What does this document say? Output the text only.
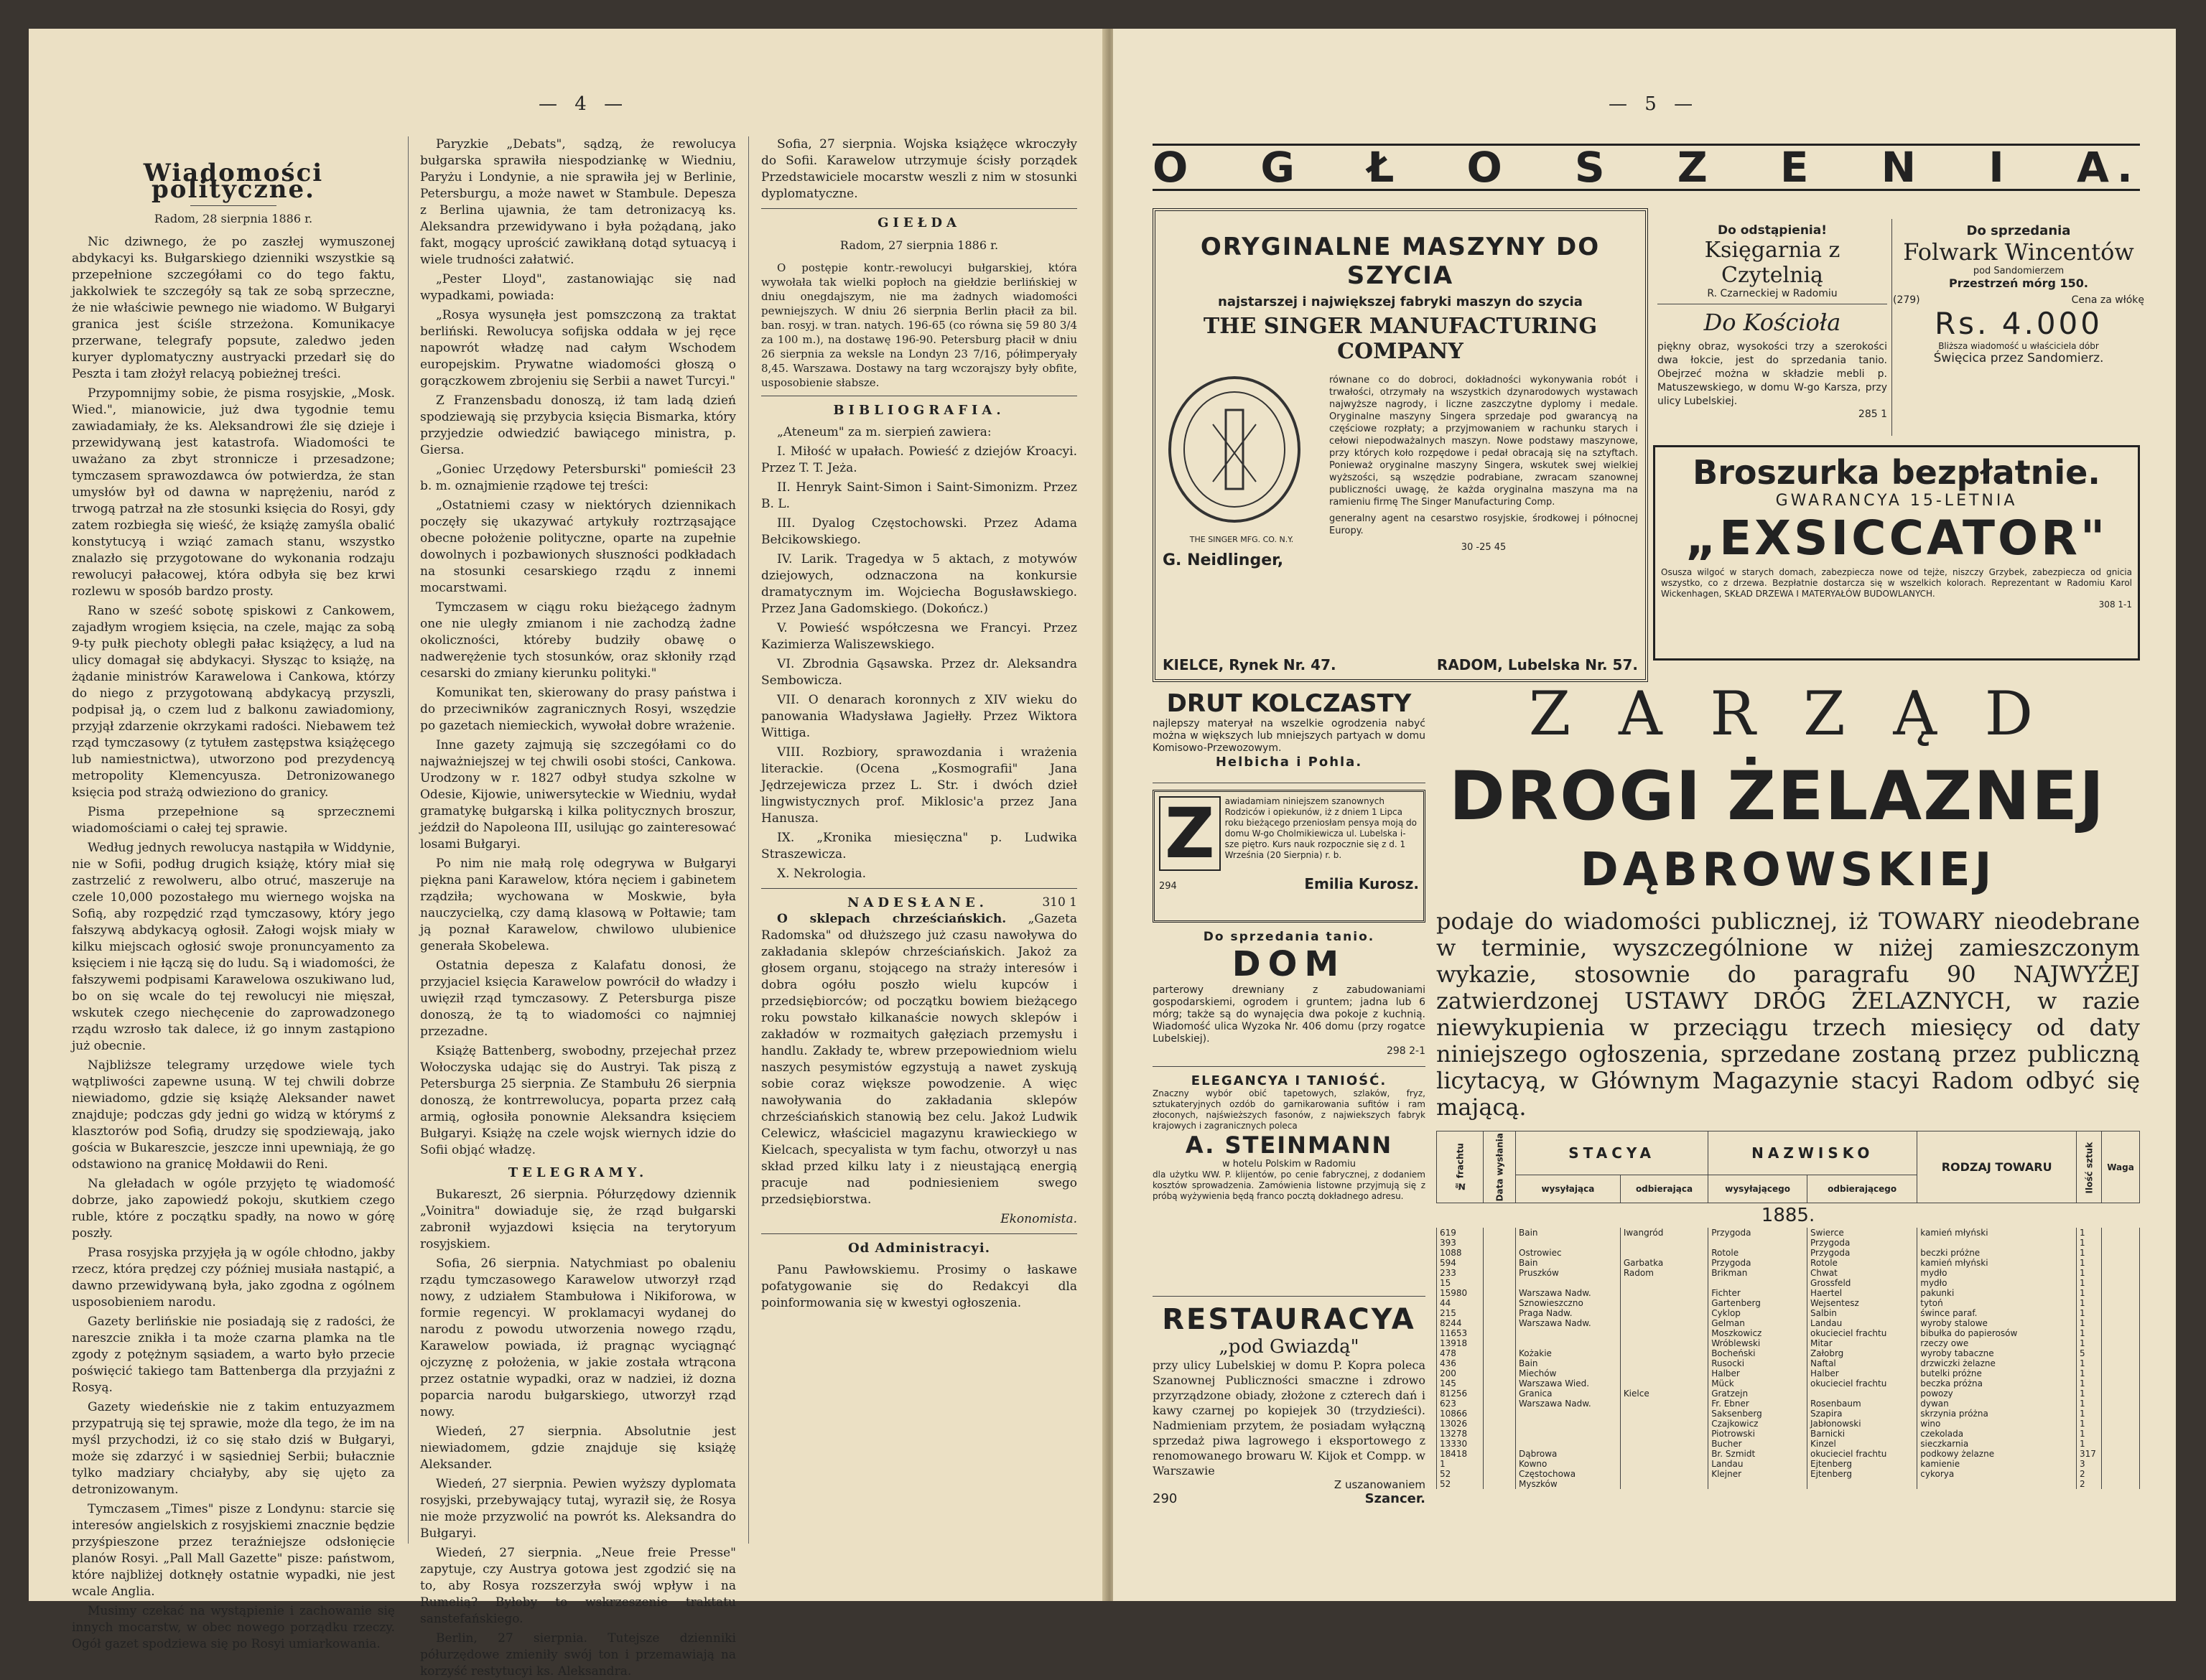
— 4 —
Wiadomości polityczne.
Radom, 28 sierpnia 1886 r.

Nic dziwnego, że po zaszłej wymuszonej abdykacyi ks. Bułgarskiego dzienniki wszystkie są przepełnione szczegółami co do tego faktu, jakkolwiek te szczegóły są tak ze sobą sprzeczne, że nie właściwie pewnego nie wiadomo. W Bułgaryi granica jest ściśle strzeżona. Komunikacye przerwane, telegrafy popsute, zaledwo jeden kuryer dyplomatyczny austryacki przedarł się do Peszta i tam złożył relacyą pobieżnej treści.

Przypomnijmy sobie, że pisma rosyjskie, „Mosk. Wied.", mianowicie, już dwa tygodnie temu zawiadamiały, że ks. Aleksandrowi źle się dzieje i przewidywaną jest katastrofa. Wiadomości te uważano za zbyt stronnicze i przesadzone; tymczasem sprawozdawca ów potwierdza, że stan umysłów był od dawna w naprężeniu, naród z trwogą patrzał na złe stosunki księcia do Rosyi, gdy zatem rozbiegła się wieść, że książę zamyśla obalić konstytucyą i wziąć zamach stanu, wszystko znalazło się przygotowane do wykonania rodzaju rewolucyi pałacowej, która odbyła się bez krwi rozlewu w sposób bardzo prosty.

Rano w sześć sobotę spiskowi z Cankowem, zajadłym wrogiem księcia, na czele, mając za sobą 9-ty pułk piechoty obległi pałac książęcy, a lud na ulicy domagał się abdykacyi. Słysząc to książę, na żądanie ministrów Karawelowa i Cankowa, którzy do niego z przygotowaną abdykacyą przyszli, podpisał ją, o czem lud z balkonu zawiadomiony, przyjął zdarzenie okrzykami radości. Niebawem też rząd tymczasowy (z tytułem zastępstwa książęcego lub namiestnictwa), utworzono pod prezydencyą metropolity Klemencyusza. Detronizowanego księcia pod strażą odwieziono do granicy.

Pisma przepełnione są sprzecznemi wiadomościami o całej tej sprawie.

Według jednych rewolucya nastąpiła w Widdynie, nie w Sofii, podług drugich książę, który miał się zastrzelić z rewolweru, albo otruć, maszeruje na czele 10,000 pozostałego mu wiernego wojska na Sofią, aby rozpędzić rząd tymczasowy, który jego fałszywą abdykacyą ogłosił. Załogi wojsk miały w kilku miejscach ogłosić swoje pronuncyamento za księciem i nie łączą się do ludu. Są i wiadomości, że fałszywemi podpisami Karawelowa oszukiwano lud, bo on się wcale do tej rewolucyi nie mięszał, wskutek czego niechęcenie do zaprowadzonego rządu wzrosło tak dalece, iż go innym zastąpiono już obecnie.

Najbliższe telegramy urzędowe wiele tych wątpliwości zapewne usuną. W tej chwili dobrze niewiadomo, gdzie się książę Aleksander nawet znajduje; podczas gdy jedni go widzą w którymś z klasztorów pod Sofią, drudzy się spodziewają, jako gościa w Bukareszcie, jeszcze inni upewniają, że go odstawiono na granicę Mołdawii do Reni.

Na gleładach w ogóle przyjęto tę wiadomość dobrze, jako zapowiedź pokoju, skutkiem czego ruble, które z początku spadły, na nowo w górę poszły.

Prasa rosyjska przyjęła ją w ogóle chłodno, jakby rzecz, która prędzej czy później musiała nastąpić, a dawno przewidywaną była, jako zgodna z ogólnem usposobieniem narodu.

Gazety berlińskie nie posiadają się z radości, że nareszcie znikła i ta może czarna plamka na tle zgody z potężnym sąsiadem, a warto było przecie poświęcić takiego tam Battenberga dla przyjaźni z Rosyą.

Gazety wiedeńskie nie z takim entuzyazmem przypatrują się tej sprawie, może dla tego, że im na myśl przychodzi, iż co się stało dziś w Bułgaryi, może się zdarzyć i w sąsiedniej Serbii; bułacznie tylko madziary chciałyby, aby się ujęto za detronizowanym.

Tymczasem „Times" pisze z Londynu: starcie się interesów angielskich z rosyjskiemi znacznie będzie przyśpieszone przez teraźniejsze odsłonięcie planów Rosyi. „Pall Mall Gazette" pisze: państwom, które najbliżej dotknęły ostatnie wypadki, nie jest wcale Anglia.

Musimy czekać na wystąpienie i zachowanie się innych mocarstw, w obec nowego porządku rzeczy. Ogół gazet spodziewa się po Rosyi umiarkowania.

Paryzkie „Debats", sądzą, że rewolucya bułgarska sprawiła niespodziankę w Wiedniu, Paryżu i Londynie, a nie sprawiła jej w Berlinie, Petersburgu, a może nawet w Stambule. Depesza z Berlina ujawnia, że tam detronizacyą ks. Aleksandra przewidywano i była pożądaną, jako fakt, mogący uprościć zawikłaną dotąd sytuacyą i wiele trudności załatwić.

„Pester Lloyd", zastanowiając się nad wypadkami, powiada:

„Rosya wysunęła jest pomszczoną za traktat berliński. Rewolucya sofijska oddała w jej ręce napowrót władzę nad całym Wschodem europejskim. Prywatne wiadomości głoszą o gorączkowem zbrojeniu się Serbii a nawet Turcyi."

Z Franzensbadu donoszą, iż tam ladą dzień spodziewają się przybycia księcia Bismarka, który przyjedzie odwiedzić bawiącego ministra, p. Giersa.

„Goniec Urzędowy Petersburski" pomieścił 23 b. m. oznajmienie rządowe tej treści:

„Ostatniemi czasy w niektórych dziennikach poczęły się ukazywać artykuły roztrząsające obecne położenie polityczne, oparte na zupełnie dowolnych i pozbawionych słuszności podkładach na stosunki cesarskiego rządu z innemi mocarstwami.

Tymczasem w ciągu roku bieżącego żadnym one nie uległy zmianom i nie zachodzą żadne okoliczności, któreby budziły obawę o nadwerężenie tych stosunków, oraz skłoniły rząd cesarski do zmiany kierunku polityki."

Komunikat ten, skierowany do prasy państwa i do przeciwników zagranicznych Rosyi, wszędzie po gazetach niemieckich, wywołał dobre wrażenie.

Inne gazety zajmują się szczegółami co do najważniejszej w tej chwili osobi stości, Cankowa. Urodzony w r. 1827 odbył studya szkolne w Odesie, Kijowie, uniwersyteckie w Wiedniu, wydał gramatykę bułgarską i kilka politycznych broszur, jeździł do Napoleona III, usilując go zainteresować losami Bułgaryi.

Po nim nie małą rolę odegrywa w Bułgaryi piękna pani Karawelow, która nęciem i gabinetem rządziła; wychowana w Moskwie, była nauczycielką, czy damą klasową w Połtawie; tam ją poznał Karawelow, chwilowo ulubienice generała Skobelewa.

Ostatnia depesza z Kalafatu donosi, że przyjaciel księcia Karawelow powrócił do władzy i uwięził rząd tymczasowy. Z Petersburga pisze donoszą, że tą to wiadomości co najmniej przezadne.

Książę Battenberg, swobodny, przejechał przez Wołoczyska udając się do Austryi. Tak piszą z Petersburga 25 sierpnia. Ze Stambułu 26 sierpnia donoszą, że kontrrewolucya, poparta przez całą armią, ogłosiła ponownie Aleksandra księciem Bułgaryi. Książę na czele wojsk wiernych idzie do Sofii objąć władzę.

TELEGRAMY.

Bukareszt, 26 sierpnia. Półurzędowy dziennik „Voinitra" dowiaduje się, że rząd bułgarski zabronił wyjazdowi księcia na terytoryum rosyjskiem.

Sofia, 26 sierpnia. Natychmiast po obaleniu rządu tymczasowego Karawelow utworzył rząd nowy, z udziałem Stambułowa i Nikiforowa, w formie regencyi. W proklamacyi wydanej do narodu z powodu utworzenia nowego rządu, Karawelow powiada, iż pragnąc wyciągnąć ojczyznę z położenia, w jakie została wtrącona przez ostatnie wypadki, oraz w nadziei, iż dozna poparcia narodu bułgarskiego, utworzył rząd nowy.

Wiedeń, 27 sierpnia. Absolutnie jest niewiadomem, gdzie znajduje się książę Aleksander.

Wiedeń, 27 sierpnia. Pewien wyższy dyplomata rosyjski, przebywający tutaj, wyraził się, że Rosya nie może przyzwolić na powrót ks. Aleksandra do Bułgaryi.

Wiedeń, 27 sierpnia. „Neue freie Presse" zapytuje, czy Austrya gotowa jest zgodzić się na to, aby Rosya rozszerzyła swój wpływ i na Rumelią? Byłoby to wskrzeszenie traktatu sanstefańskiego.

Berlin, 27 sierpnia. Tutejsze dzienniki półurzędowe zmieniły swój ton i przemawiają na korzyść restytucyi ks. Aleksandra.

Sofia, 27 sierpnia. Wojska książęce wkroczyły do Sofii. Karawelow utrzymuje ścisły porządek Przedstawiciele mocarstw weszli z nim w stosunki dyplomatyczne.

GIEŁDA
Radom, 27 sierpnia 1886 r.

O postępie kontr.-rewolucyi bułgarskiej, która wywołała tak wielki popłoch na giełdzie berlińskiej w dniu onegdajszym, nie ma żadnych wiadomości pewniejszych. W dniu 26 sierpnia Berlin płacił za bil. ban. rosyj. w tran. natych. 196-65 (co równa się 59 80 3/4 za 100 m.), na dostawę 196-90. Petersburg płacił w dniu 26 sierpnia za weksle na Londyn 23 7/16, półimperyały 8,45. Warszawa. Dostawy na targ wczorajszy były obfite, usposobienie słabsze.

BIBLIOGRAFIA.

„Ateneum" za m. sierpień zawiera:

I. Miłość w upałach. Powieść z dziejów Kroacyi. Przez T. T. Jeża.

II. Henryk Saint-Simon i Saint-Simonizm. Przez B. L.

III. Dyalog Częstochowski. Przez Adama Bełcikowskiego.

IV. Larik. Tragedya w 5 aktach, z motywów dziejowych, odznaczona na konkursie dramatycznym im. Wojciecha Bogusławskiego. Przez Jana Gadomskiego. (Dokończ.)

V. Powieść współczesna we Francyi. Przez Kazimierza Waliszewskiego.

VI. Zbrodnia Gąsawska. Przez dr. Aleksandra Sembowicza.

VII. O denarach koronnych z XIV wieku do panowania Władysława Jagiełły. Przez Wiktora Wittiga.

VIII. Rozbiory, sprawozdania i wrażenia literackie. (Ocena „Kosmografii" Jana Jędrzejewicza przez L. Str. i dwóch dzieł lingwistycznych prof. Miklosic'a przez Jana Hanusza.

IX. „Kronika miesięczna" p. Ludwika Straszewicza.

X. Nekrologia.

NADESŁANE.	310 1

O sklepach chrześciańskich. „Gazeta Radomska" od dłuższego już czasu nawoływa do zakładania sklepów chrześciańskich. Jakoż za głosem organu, stojącego na straży interesów i dobra ogółu poszło wielu kupców i przedsiębiorców; od początku bowiem bieżącego roku powstało kilkanaście nowych sklepów i zakładów w rozmaitych gałęziach przemysłu i handlu. Zakłady te, wbrew przepowiedniom wielu naszych pesymistów egzystują a nawet zyskują sobie coraz większe powodzenie. A więc nawoływania do zakładania sklepów chrześciańskich stanowią bez celu. Jakoż Ludwik Celewicz, właściciel magazynu krawieckiego w Kielcach, specyalista w tym fachu, otworzył u nas skład przed kilku laty i z nieustającą energią pracuje nad podniesieniem swego przedsiębiorstwa.

Ekonomista.

Od Administracyi.

Panu Pawłowskiemu. Prosimy o łaskawe pofatygowanie się do Redakcyi dla poinformowania się w kwestyi ogłoszenia.

— 5 —
O G Ł O S Z E N I A.
ORYGINALNE MASZYNY DO SZYCIA
najstarszej i największej fabryki maszyn do szycia
THE SINGER MANUFACTURING COMPANY
THE SINGER MFG. CO. N.Y.
G. Neidlinger,
równane co do dobroci, dokładności wykonywania robót i trwałości, otrzymały na wszystkich dzynarodowych wystawach najwyższe nagrody, i liczne zaszczytne dyplomy i medale. Oryginalne maszyny Singera sprzedaje pod gwarancyą na częściowe rozpłaty; a przyjmowaniem w rachunku starych i cełowi niepodważalnych maszyn. Nowe podstawy maszynowe, przy których koło rozpędowe i pedał obracają się na sztyftach. Ponieważ oryginalne maszyny Singera, wskutek swej wielkiej wyższości, są wszędzie podrabiane, zwracam szanownej publiczności uwagę, że każda oryginalna maszyna ma na ramieniu firmę The Singer Manufacturing Comp.
generalny agent na cesarstwo rosyjskie, środkowej i północnej Europy.
30 -25 45
KIELCE, Rynek Nr. 47.	RADOM, Lubelska Nr. 57.
Do odstąpienia!
Księgarnia z Czytelnią
R. Czarneckiej w Radomiu
Do Kościoła
piękny obraz, wysokości trzy a szerokości dwa łokcie, jest do sprzedania tanio. Obejrzeć można w składzie mebli p. Matuszewskiego, w domu W-go Karsza, przy ulicy Lubelskiej.
285 1
Do sprzedania
Folwark Wincentów
pod Sandomierzem
Przestrzeń mórg 150.
(279)	Cena za włókę
Rs. 4.000
Bliższa wiadomość u właściciela dóbr
Święcica przez Sandomierz.
Broszurka bezpłatnie.
GWARANCYA 15-LETNIA
„EXSICCATOR"
Osusza wilgoć w starych domach, zabezpiecza nowe od tejże, niszczy Grzybek, zabezpiecza od gnicia wszystko, co z drzewa. Bezpłatnie dostarcza się w wszelkich kolorach. Reprezentant w Radomiu Karol Wickenhagen, SKŁAD DRZEWA I MATERYAŁÓW BUDOWLANYCH.
308 1-1
DRUT KOLCZASTY
najlepszy materyał na wszelkie ogrodzenia nabyć można w większych lub mniejszych partyach w domu Komisowo-Przewozowym.
Helbicha i Pohla.
Z	awiadamiam niniejszem szanownych Rodziców i opiekunów, iż z dniem 1 Lipca roku bieżącego przeniosłam pensya moją do domu W-go Cholmikiewicza ul. Lubelska i-sze piętro. Kurs nauk rozpocznie się z d. 1 Września (20 Sierpnia) r. b.
294	Emilia Kurosz.
Do sprzedania tanio.
DOM
parterowy drewniany z zabudowaniami gospodarskiemi, ogrodem i gruntem; jadna lub 6 mórg; także są do wynajęcia dwa pokoje z kuchnią. Wiadomość ulica Wyzoka Nr. 406 domu (przy rogatce Lubelskiej).
298 2-1
ELEGANCYA I TANIOŚĆ.
Znaczny wybór obić tapetowych, szlaków, fryz, sztukateryjnych ozdób do garnikarowania sufitów i ram złoconych, najświeższych fasonów, z najwiekszych fabryk krajowych i zagranicznych poleca
A. STEINMANN
w hotelu Polskim w Radomiu
dla użytku WW. P. klijentów, po cenie fabrycznej, z dodaniem kosztów sprowadzenia. Zamówienia listowne przyjmują się z próbą wyżywienia będą franco pocztą dokładnego adresu.
RESTAURACYA
„pod Gwiazdą"
przy ulicy Lubelskiej w domu P. Kopra poleca Szanownej Publiczności smaczne i zdrowo przyrządzone obiady, złożone z czterech dań i kawy czarnej po kopiejek 30 (trzydzieści). Nadmieniam przytem, że posiadam wyłączną sprzedaż piwa lagrowego i eksportowego z renomowanego browaru W. Kijok et Compp. w Warszawie
Z uszanowaniem
290	Szancer.
Z A R Z Ą D
DROGI ŻELAZNEJ
DĄBROWSKIEJ
podaje do wiadomości publicznej, iż TOWARY nieodebrane w terminie, wyszczególnione w niżej zamieszczonym wykazie, stosownie do paragrafu 90 NAJWYŻEJ zatwierdzonej USTAWY DRÓG ŻELAZNYCH, w razie niewykupienia w przeciągu trzech miesięcy od daty niniejszego ogłoszenia, sprzedane zostaną przez publiczną licytacyą, w Głównym Magazynie stacyi Radom odbyć się mającą.
№ frachtu	Data wysłania	STACYA		NAZWISKO		RODZAJ TOWARU	Ilość sztuk	Waga
		wysyłająca	odbierająca	wysyłającego	odbierającego			
1885.								
619		Bain	Iwangród	Przygoda	Swierce	kamień młyński	1	
393					Przygoda		1	
1088		Ostrowiec		Rotole	Przygoda	beczki próżne	1	
594		Bain	Garbatka	Przygoda	Rotole	kamień młyński	1	
233		Pruszków	Radom	Brikman	Chwat	mydło	1	
15					Grossfeld	mydło	1	
15980		Warszawa Nadw.		Fichter	Haertel	pakunki	1	
44		Sznowieszczno		Gartenberg	Wejsentesz	tytoń	1	
215		Praga Nadw.		Cyklop	Salbin	śwince paraf.	1	
8244		Warszawa Nadw.		Gelman	Landau	wyroby stalowe	1	
11653				Moszkowicz	okucieciel frachtu	bibułka do papierosów	1	
13918				Wróblewski	Mitar	rzeczy owe	1	
478		Kożakie		Bocheński	Załobrg	wyroby tabaczne	5	
436		Bain		Rusocki	Naftal	drzwiczki żelazne	1	
200		Miechów		Halber	Halber	butelki próżne	1	
145		Warszawa Wied.		Mück	okucieciel frachtu	beczka próżna	1	
81256		Granica	Kielce	Gratzejn		powozy	1	
623		Warszawa Nadw.		Fr. Ebner	Rosenbaum	dywan	1	
10866				Saksenberg	Szapira	skrzynia próżna	1	
13026				Czajkowicz	Jabłonowski	wino	1	
13278				Piotrowski	Barnicki	czekolada	1	
13330				Bucher	Kinzel	sieczkarnia	1	
18418		Dąbrowa		Br. Szmidt	okucieciel frachtu	podkowy żelazne	317	
1		Kowno		Landau	Ejtenberg	kamienie	3	
52		Częstochowa		Klejner	Ejtenberg	cykorya	2	
52		Myszków					2	
